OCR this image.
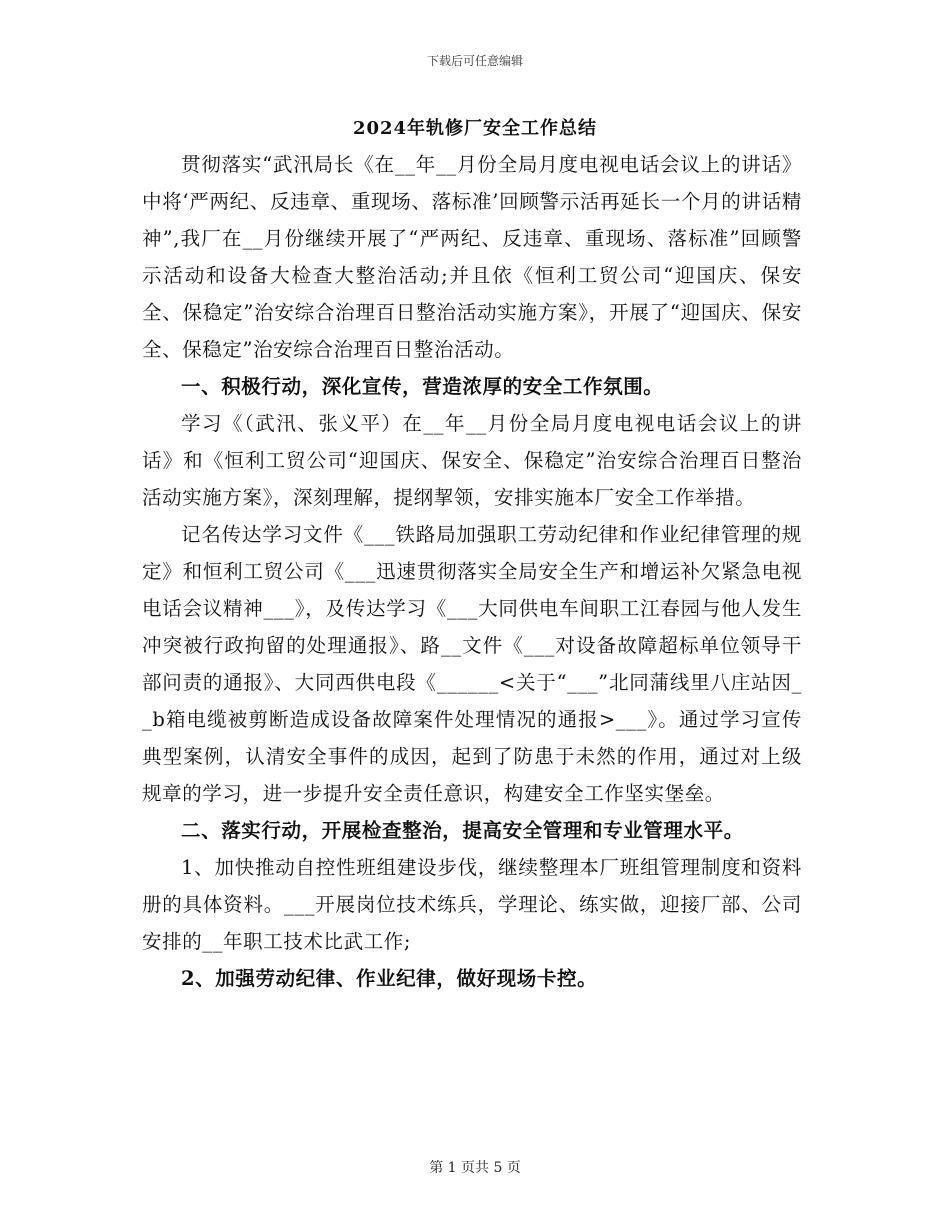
下载后可任意编辑
2024年轨修厂安全工作总结

贯彻落实“武汛局长《在__年__月份全局月度电视电话会议上的讲话》中将‘严两纪、反违章、重现场、落标准’回顾警示活再延长一个月的讲话精神”,我厂在__月份继续开展了“严两纪、反违章、重现场、落标准”回顾警示活动和设备大检查大整治活动;并且依《恒利工贸公司“迎国庆、保安全、保稳定”治安综合治理百日整治活动实施方案》，开展了“迎国庆、保安全、保稳定”治安综合治理百日整治活动。

一、积极行动，深化宣传，营造浓厚的安全工作氛围。

学习《（武汛、张义平）在__年__月份全局月度电视电话会议上的讲话》和《恒利工贸公司“迎国庆、保安全、保稳定”治安综合治理百日整治活动实施方案》，深刻理解，提纲挈领，安排实施本厂安全工作举措。

记名传达学习文件《___铁路局加强职工劳动纪律和作业纪律管理的规定》和恒利工贸公司《___迅速贯彻落实全局安全生产和增运补欠紧急电视电话会议精神___》，及传达学习《___大同供电车间职工江春园与他人发生冲突被行政拘留的处理通报》、路__文件《___对设备故障超标单位领导干部问责的通报》、大同西供电段《______<关于“___”北同蒲线里八庄站因__b箱电缆被剪断造成设备故障案件处理情况的通报>___》。通过学习宣传典型案例，认清安全事件的成因，起到了防患于未然的作用，通过对上级规章的学习，进一步提升安全责任意识，构建安全工作坚实堡垒。

二、落实行动，开展检查整治，提高安全管理和专业管理水平。

1、加快推动自控性班组建设步伐，继续整理本厂班组管理制度和资料册的具体资料。___开展岗位技术练兵，学理论、练实做，迎接厂部、公司安排的__年职工技术比武工作;

2、加强劳动纪律、作业纪律，做好现场卡控。

第 1 页共 5 页
